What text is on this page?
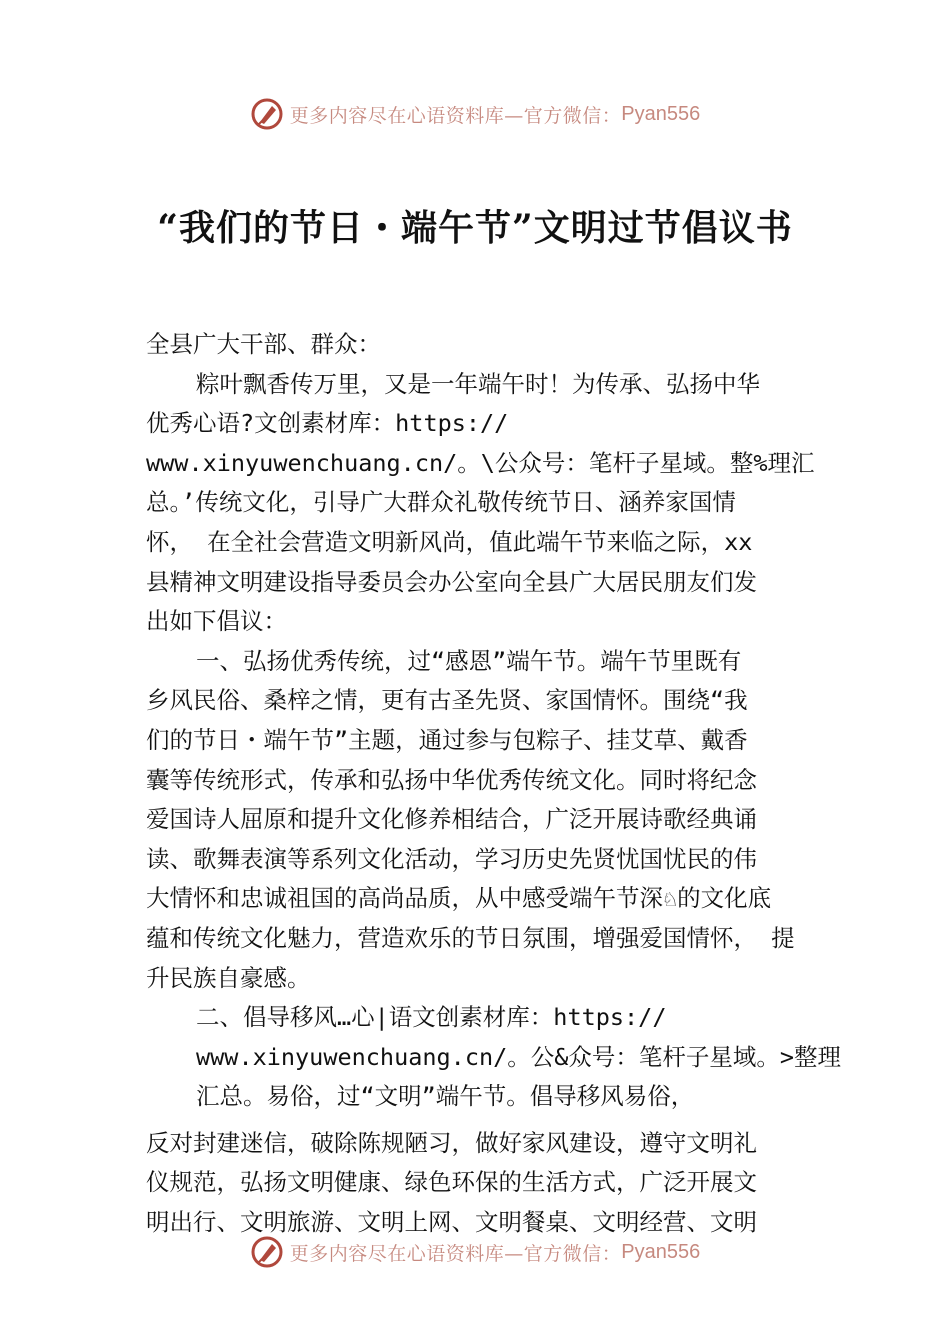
更多内容尽在心语资料库—官方微信： Pyan556
“我们的节日・端午节”文明过节倡议书
全县广大干部、群众：
粽叶飘香传万里，又是一年端午时！为传承、弘扬中华
优秀心语?文创素材库：https://
www.xinyuwenchuang.cn/。\公众号：笔杆子星域。整%理汇
总。’传统文化，引导广大群众礼敬传统节日、涵养家国情
怀， 在全社会营造文明新风尚，值此端午节来临之际，xx
县精神文明建设指导委员会办公室向全县广大居民朋友们发
出如下倡议：
一、弘扬优秀传统，过“感恩”端午节。端午节里既有
乡风民俗、桑梓之情，更有古圣先贤、家国情怀。围绕“我
们的节日・端午节”主题，通过参与包粽子、挂艾草、戴香
囊等传统形式，传承和弘扬中华优秀传统文化。同时将纪念
爱国诗人屈原和提升文化修养相结合，广泛开展诗歌经典诵
读、歌舞表演等系列文化活动，学习历史先贤忧国忧民的伟
大情怀和忠诚祖国的高尚品质，从中感受端午节深♘的文化底
蕴和传统文化魅力，营造欢乐的节日氛围，增强爱国情怀， 提
升民族自豪感。
二、倡导移风…心|语文创素材库：https://
www.xinyuwenchuang.cn/。公&众号：笔杆子星域。>整理
汇总。易俗，过“文明”端午节。倡导移风易俗，
反对封建迷信，破除陈规陋习，做好家风建设，遵守文明礼
仪规范，弘扬文明健康、绿色环保的生活方式，广泛开展文
明出行、文明旅游、文明上网、文明餐桌、文明经营、文明
更多内容尽在心语资料库—官方微信： Pyan556
